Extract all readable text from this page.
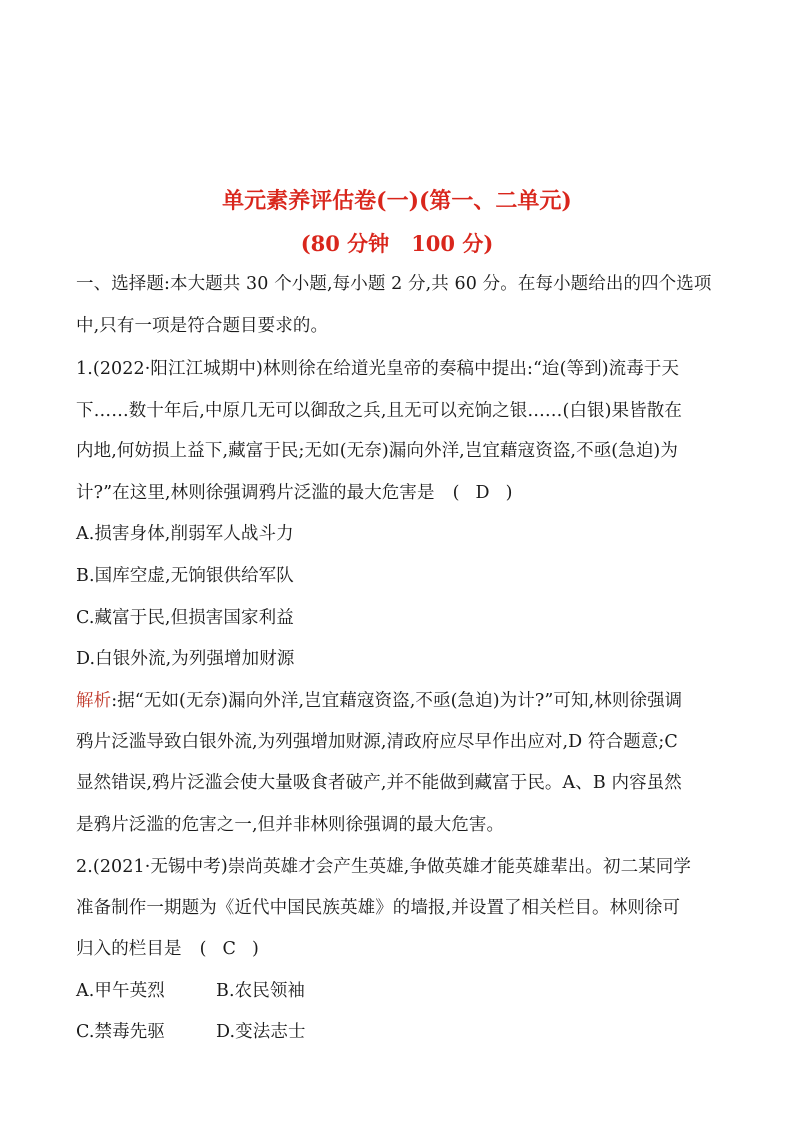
单元素养评估卷(一)(第一、二单元)
(80 分钟 100 分)
一、选择题:本大题共 30 个小题,每小题 2 分,共 60 分。在每小题给出的四个选项
中,只有一项是符合题目要求的。
1.(2022·阳江江城期中)林则徐在给道光皇帝的奏稿中提出:“迨(等到)流毒于天
下……数十年后,中原几无可以御敌之兵,且无可以充饷之银……(白银)果皆散在
内地,何妨损上益下,藏富于民;无如(无奈)漏向外洋,岂宜藉寇资盗,不亟(急迫)为
计?”在这里,林则徐强调鸦片泛滥的最大危害是 ( D )
A.损害身体,削弱军人战斗力
B.国库空虚,无饷银供给军队
C.藏富于民,但损害国家利益
D.白银外流,为列强增加财源
解析:据“无如(无奈)漏向外洋,岂宜藉寇资盗,不亟(急迫)为计?”可知,林则徐强调
鸦片泛滥导致白银外流,为列强增加财源,清政府应尽早作出应对,D 符合题意;C
显然错误,鸦片泛滥会使大量吸食者破产,并不能做到藏富于民。A、B 内容虽然
是鸦片泛滥的危害之一,但并非林则徐强调的最大危害。
2.(2021·无锡中考)崇尚英雄才会产生英雄,争做英雄才能英雄辈出。初二某同学
准备制作一期题为《近代中国民族英雄》的墙报,并设置了相关栏目。林则徐可
归入的栏目是 ( C )
A.甲午英烈	B.农民领袖
C.禁毒先驱	D.变法志士
